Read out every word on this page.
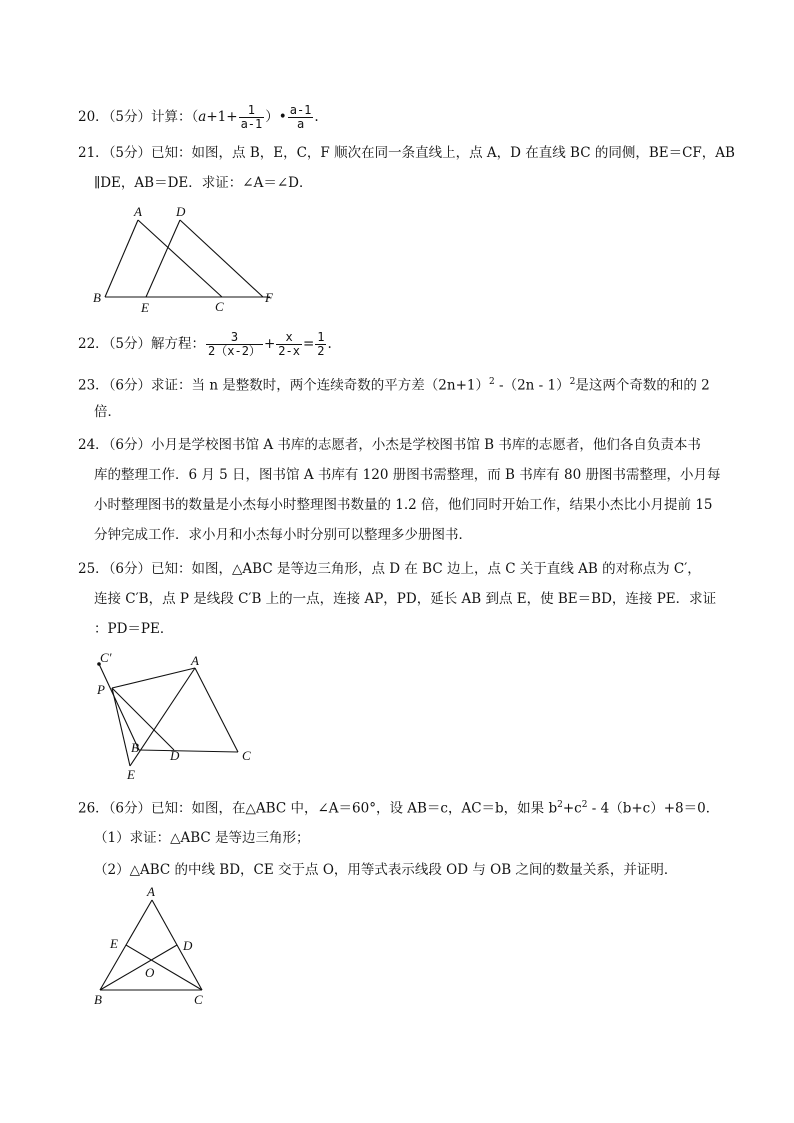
20．（5分）计算：（$a+1+ \frac{1}{a-1}$ ）• $\frac{a-1}{a}$ .
21．（5分）已知：如图，点 B，E，C，F 顺次在同一条直线上，点 A，D 在直线 BC 的同侧，BE＝CF，AB
∥DE，AB＝DE．求证：∠A＝∠D．
A	D
B
E	C
F
22．（5分）解方程： $\frac{3}{2(x-2)} + \frac{x}{2-x} = \frac{1}{2}$ .
23．（6分）求证：当 n 是整数时，两个连续奇数的平方差$(2n+1)^2$ -（2n - 1）$^2$是这两个奇数的和的 2
倍．
24．（6分）小月是学校图书馆 A 书库的志愿者，小杰是学校图书馆 B 书库的志愿者，他们各自负责本书
库的整理工作．6 月 5 日，图书馆 A 书库有 120 册图书需整理，而 B 书库有 80 册图书需整理，小月每
小时整理图书的数量是小杰每小时整理图书数量的 1.2 倍，他们同时开始工作，结果小杰比小月提前 15
分钟完成工作．求小月和小杰每小时分别可以整理多少册图书．
25．（6分）已知：如图，△ABC 是等边三角形，点 D 在 BC 边上，点 C 关于直线 AB 的对称点为 C′，
连接 C′B，点 P 是线段 C′B 上的一点，连接 AP，PD，延长 AB 到点 E，使 BE＝BD，连接 PE．求证
：PD＝PE．
C′	A
P
B
D	C
E
26．（6分）已知：如图，在△ABC 中，∠A＝60°，设 AB＝c，AC＝b，如果 $b^2+c^2 - 4(b+c)+8=0$．
（1）求证：△ABC 是等边三角形；
（2）△ABC 的中线 BD，CE 交于点 O，用等式表示线段 OD 与 OB 之间的数量关系，并证明．
A
E	D
O
B	C
